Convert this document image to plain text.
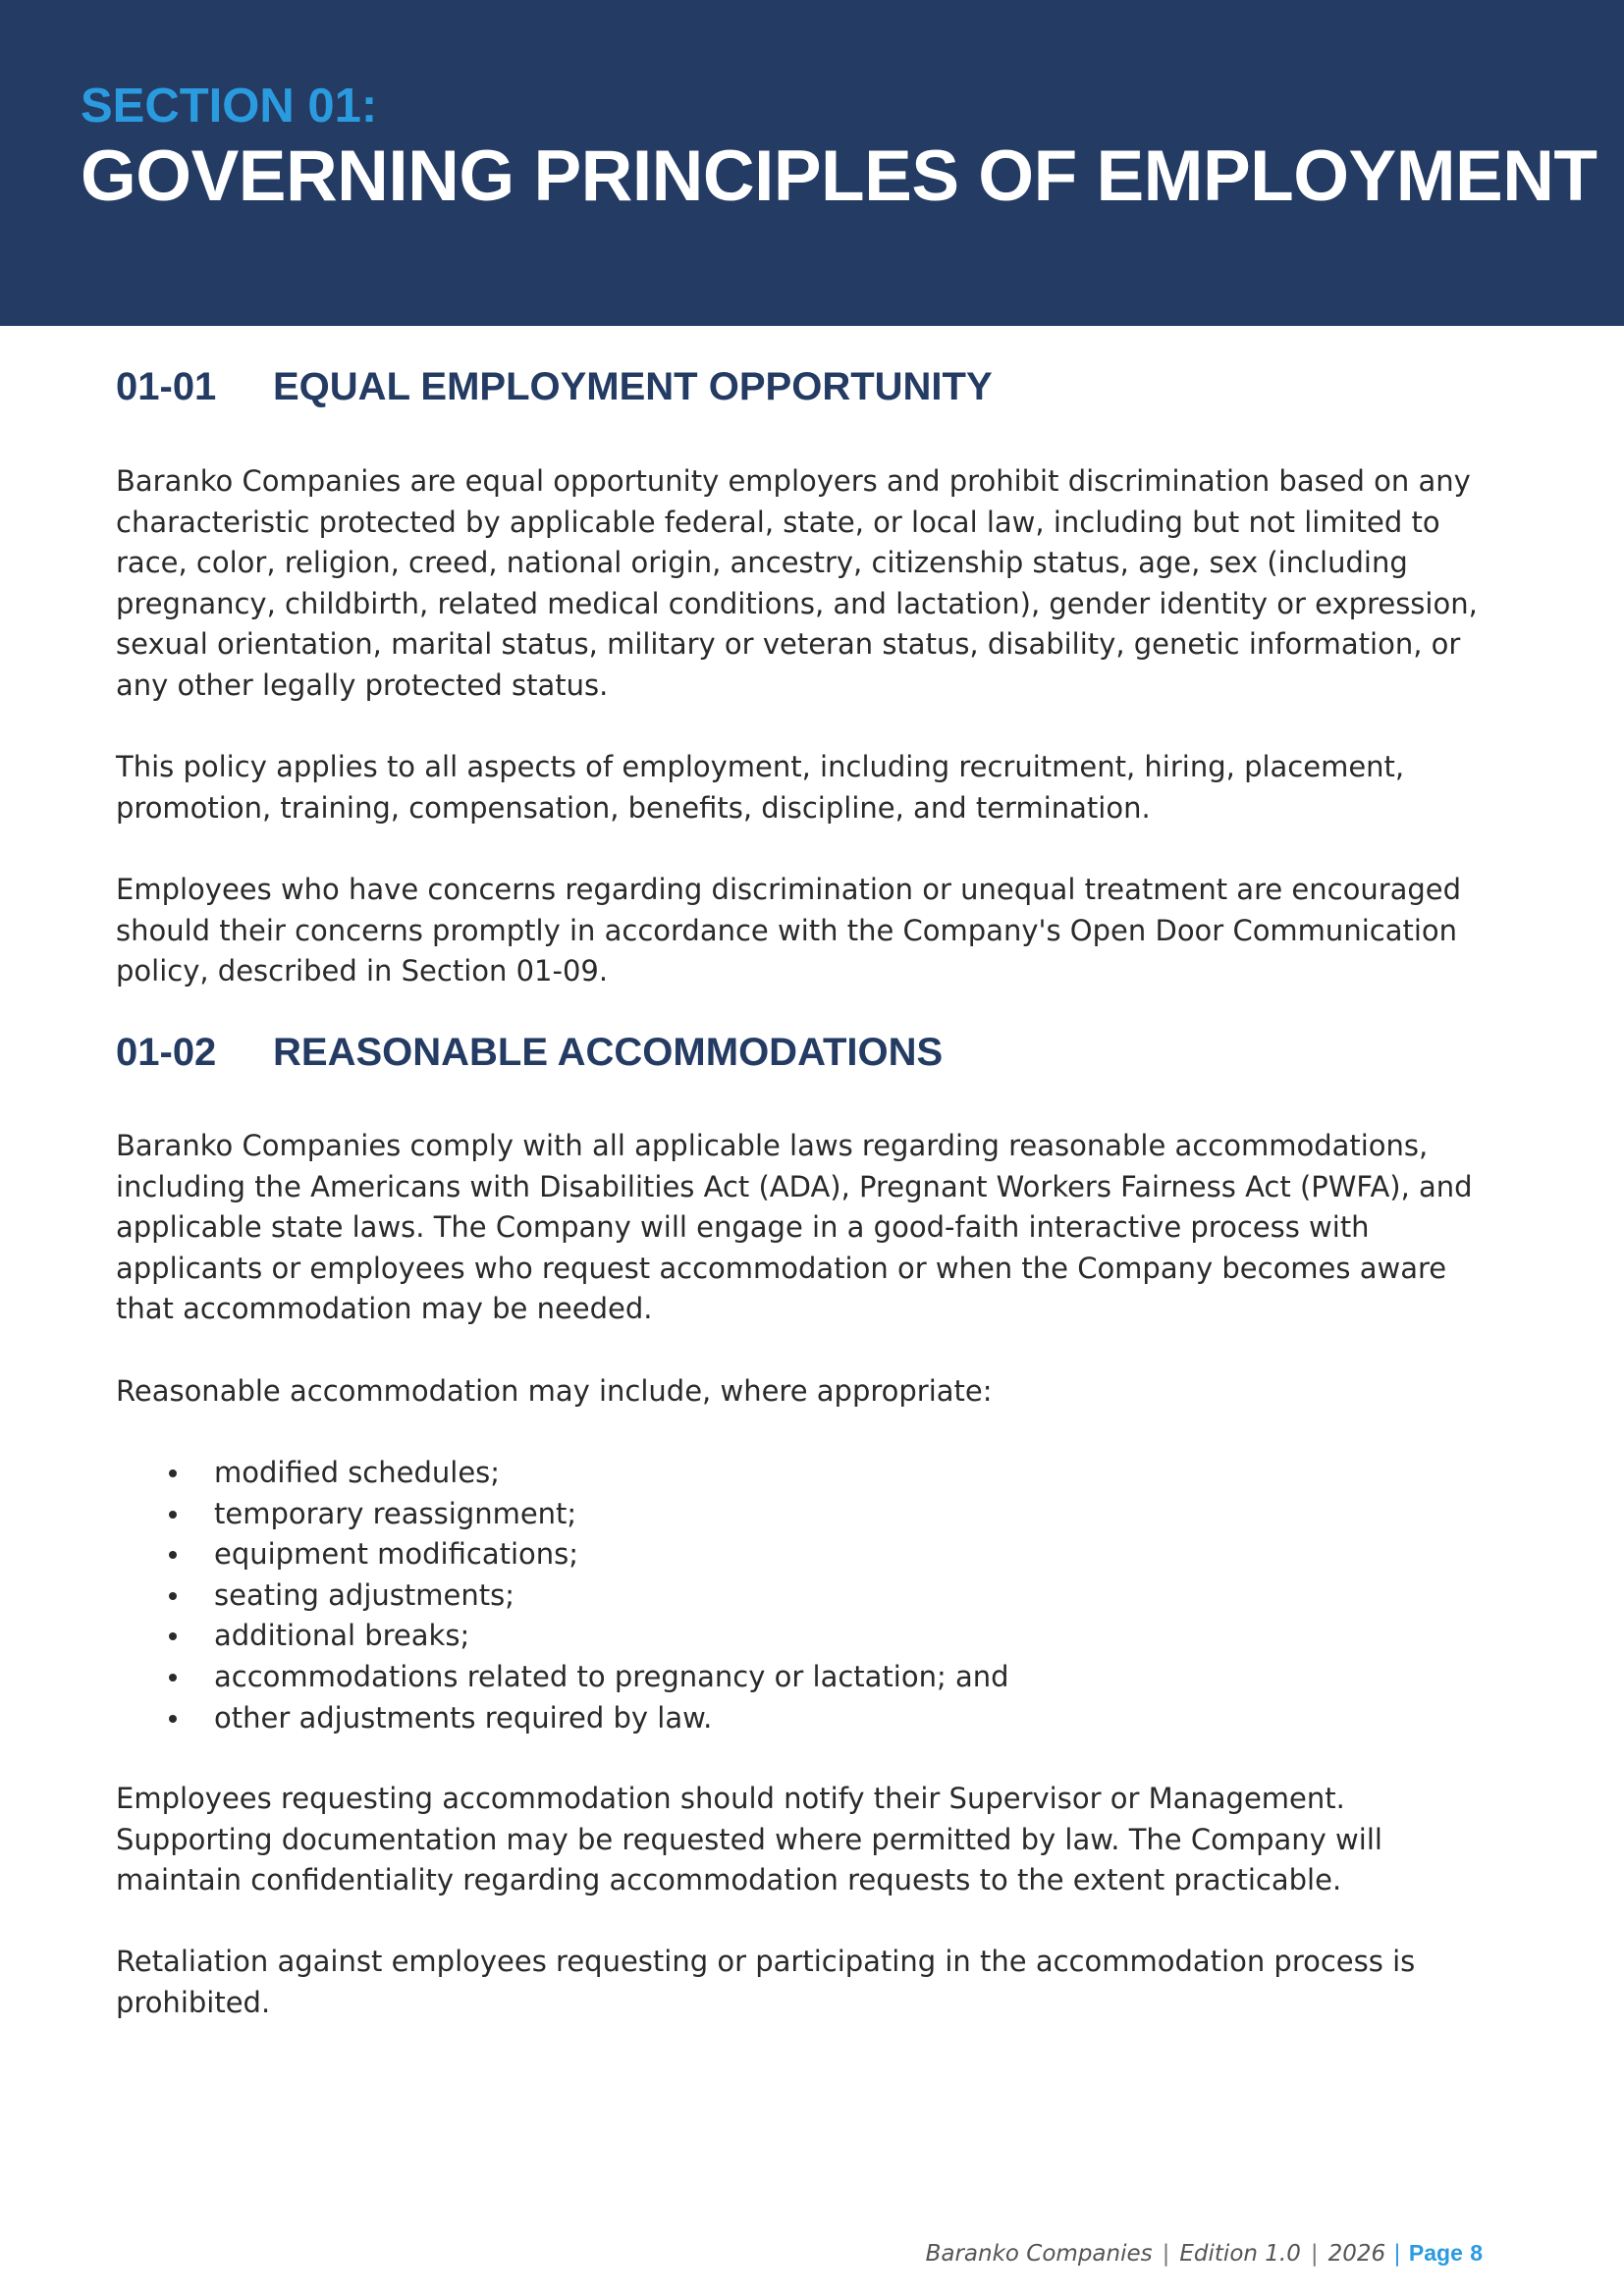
SECTION 01:
GOVERNING PRINCIPLES OF EMPLOYMENT
01-01 EQUAL EMPLOYMENT OPPORTUNITY

Baranko Companies are equal opportunity employers and prohibit discrimination based on any characteristic protected by applicable federal, state, or local law, including but not limited to race, color, religion, creed, national origin, ancestry, citizenship status, age, sex (including pregnancy, childbirth, related medical conditions, and lactation), gender identity or expression, sexual orientation, marital status, military or veteran status, disability, genetic information, or any other legally protected status.

This policy applies to all aspects of employment, including recruitment, hiring, placement, promotion, training, compensation, benefits, discipline, and termination.

Employees who have concerns regarding discrimination or unequal treatment are encouraged should their concerns promptly in accordance with the Company's Open Door Communication policy, described in Section 01-09.

01-02 REASONABLE ACCOMMODATIONS

Baranko Companies comply with all applicable laws regarding reasonable accommodations, including the Americans with Disabilities Act (ADA), Pregnant Workers Fairness Act (PWFA), and applicable state laws. The Company will engage in a good-faith interactive process with applicants or employees who request accommodation or when the Company becomes aware that accommodation may be needed.

Reasonable accommodation may include, where appropriate:

modified schedules;
temporary reassignment;
equipment modifications;
seating adjustments;
additional breaks;
accommodations related to pregnancy or lactation; and
other adjustments required by law.

Employees requesting accommodation should notify their Supervisor or Management. Supporting documentation may be requested where permitted by law. The Company will maintain confidentiality regarding accommodation requests to the extent practicable.

Retaliation against employees requesting or participating in the accommodation process is prohibited.

Baranko Companies | Edition 1.0 | 2026 | Page 8
